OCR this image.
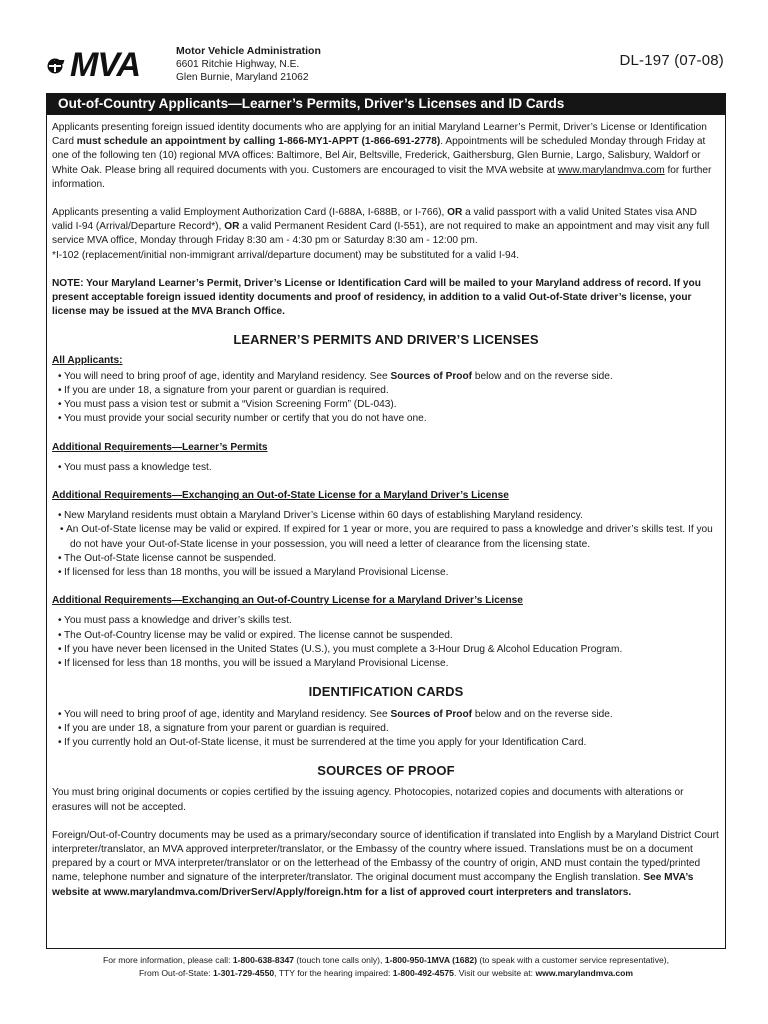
MVA	Motor Vehicle Administration
6601 Ritchie Highway, N.E.
Glen Burnie, Maryland 21062
DL-197 (07-08)
Out-of-Country Applicants—Learner’s Permits, Driver’s Licenses and ID Cards

Applicants presenting foreign issued identity documents who are applying for an initial Maryland Learner’s Permit, Driver’s License or Identification Card must schedule an appointment by calling 1-866-MY1-APPT (1-866-691-2778). Appointments will be scheduled Monday through Friday at one of the following ten (10) regional MVA offices: Baltimore, Bel Air, Beltsville, Frederick, Gaithersburg, Glen Burnie, Largo, Salisbury, Waldorf or White Oak. Please bring all required documents with you. Customers are encouraged to visit the MVA website at www.marylandmva.com for further information.

Applicants presenting a valid Employment Authorization Card (I-688A, I-688B, or I-766), OR a valid passport with a valid United States visa AND valid I-94 (Arrival/Departure Record*), OR a valid Permanent Resident Card (I-551), are not required to make an appointment and may visit any full service MVA office, Monday through Friday 8:30 am - 4:30 pm or Saturday 8:30 am - 12:00 pm.
*I-102 (replacement/initial non-immigrant arrival/departure document) may be substituted for a valid I-94.

NOTE: Your Maryland Learner’s Permit, Driver’s License or Identification Card will be mailed to your Maryland address of record. If you present acceptable foreign issued identity documents and proof of residency, in addition to a valid Out-of-State driver’s license, your license may be issued at the MVA Branch Office.

LEARNER’S PERMITS AND DRIVER’S LICENSES
All Applicants:
• You will need to bring proof of age, identity and Maryland residency. See Sources of Proof below and on the reverse side.
• If you are under 18, a signature from your parent or guardian is required.
• You must pass a vision test or submit a “Vision Screening Form” (DL-043).
• You must provide your social security number or certify that you do not have one.
Additional Requirements—Learner’s Permits
• You must pass a knowledge test.
Additional Requirements—Exchanging an Out-of-State License for a Maryland Driver’s License
• New Maryland residents must obtain a Maryland Driver’s License within 60 days of establishing Maryland residency.
• An Out-of-State license may be valid or expired. If expired for 1 year or more, you are required to pass a knowledge and driver’s skills test. If you do not have your Out-of-State license in your possession, you will need a letter of clearance from the licensing state.
• The Out-of-State license cannot be suspended.
• If licensed for less than 18 months, you will be issued a Maryland Provisional License.
Additional Requirements—Exchanging an Out-of-Country License for a Maryland Driver’s License
• You must pass a knowledge and driver’s skills test.
• The Out-of-Country license may be valid or expired. The license cannot be suspended.
• If you have never been licensed in the United States (U.S.), you must complete a 3-Hour Drug & Alcohol Education Program.
• If licensed for less than 18 months, you will be issued a Maryland Provisional License.
IDENTIFICATION CARDS
• You will need to bring proof of age, identity and Maryland residency. See Sources of Proof below and on the reverse side.
• If you are under 18, a signature from your parent or guardian is required.
• If you currently hold an Out-of-State license, it must be surrendered at the time you apply for your Identification Card.
SOURCES OF PROOF

You must bring original documents or copies certified by the issuing agency. Photocopies, notarized copies and documents with alterations or erasures will not be accepted.

Foreign/Out-of-Country documents may be used as a primary/secondary source of identification if translated into English by a Maryland District Court interpreter/translator, an MVA approved interpreter/translator, or the Embassy of the country where issued. Translations must be on a document prepared by a court or MVA interpreter/translator or on the letterhead of the Embassy of the country of origin, AND must contain the typed/printed name, telephone number and signature of the interpreter/translator. The original document must accompany the English translation. See MVA’s website at www.marylandmva.com/DriverServ/Apply/foreign.htm for a list of approved court interpreters and translators.

For more information, please call: 1-800-638-8347 (touch tone calls only), 1-800-950-1MVA (1682) (to speak with a customer service representative),
From Out-of-State: 1-301-729-4550, TTY for the hearing impaired: 1-800-492-4575. Visit our website at: www.marylandmva.com
